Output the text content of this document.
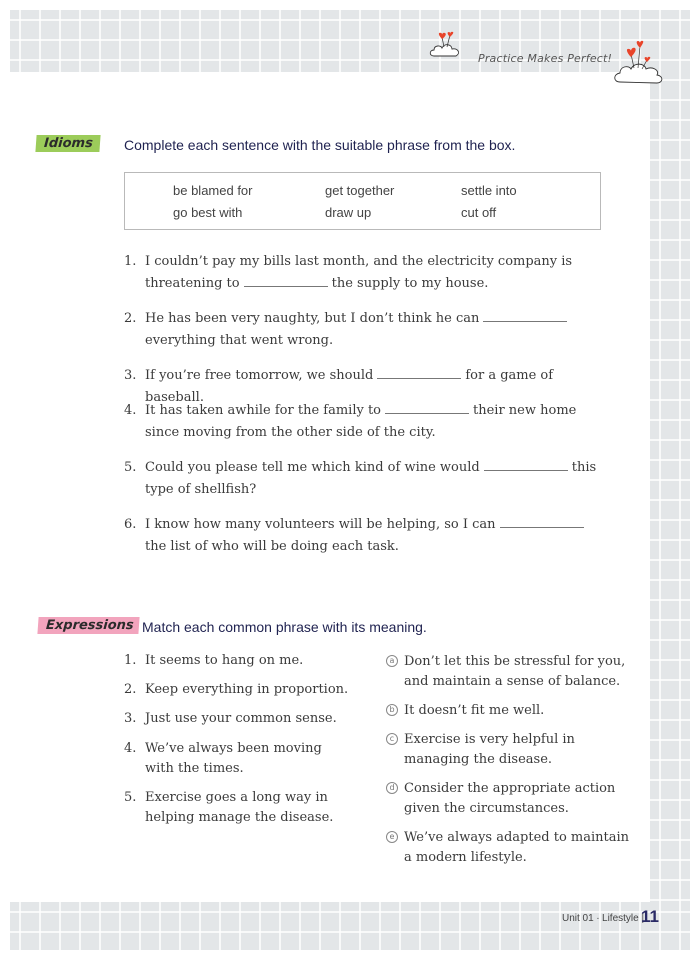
Practice Makes Perfect!
Idioms	Complete each sentence with the suitable phrase from the box.
be blamed for	get together	settle into
go best with	draw up	cut off
1. I couldn’t pay my bills last month, and the electricity company is threatening to	the supply to my house.
2. He has been very naughty, but I don’t think he caneverything that went wrong.
3. If you’re free tomorrow, we should	for a game of baseball.
4. It has taken awhile for the family to	their new home since moving from the other side of the city.
5. Could you please tell me which kind of wine would	this type of shellfish?
6. I know how many volunteers will be helping, so I canthe list of who will be doing each task.
Expressions Match each common phrase with its meaning.
1. It seems to hang on me.
2. Keep everything in proportion.
3. Just use your common sense.
4. We’ve always been moving with the times.
5. Exercise goes a long way in helping manage the disease.
a Don’t let this be stressful for you, and maintain a sense of balance.
b It doesn’t fit me well.
c Exercise is very helpful in managing the disease.
d Consider the appropriate action given the circumstances.
e We’ve always adapted to maintain a modern lifestyle.
Unit 01 ∙ Lifestyle |
11
